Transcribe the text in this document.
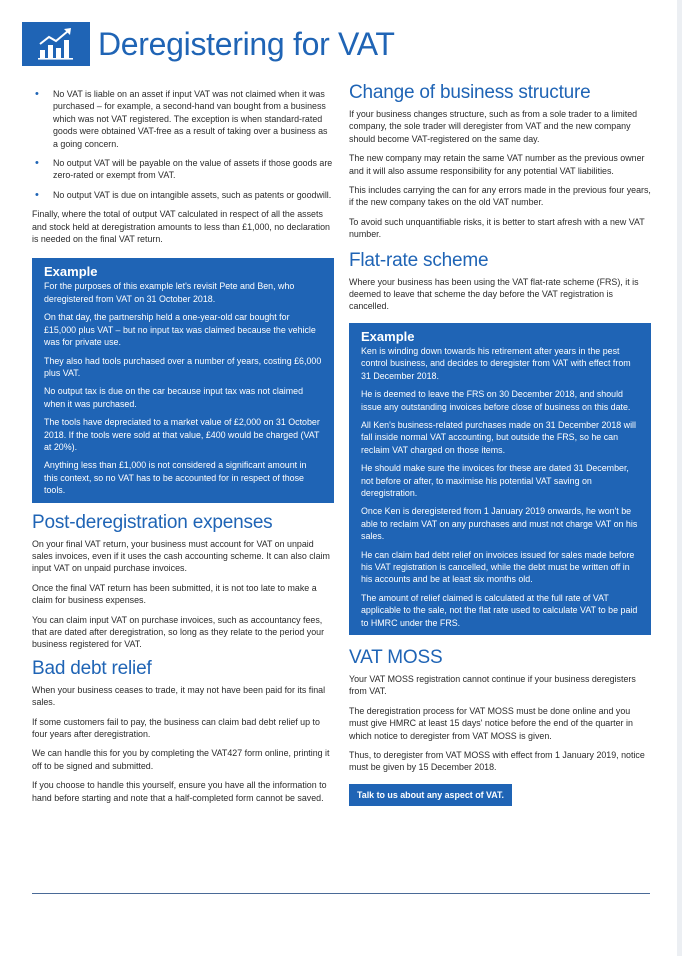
Deregistering for VAT
• No VAT is liable on an asset if input VAT was not claimed when it was purchased – for example, a second-hand van bought from a business which was not VAT registered. The exception is when standard-rated goods were obtained VAT-free as a result of taking over a business as a going concern.
• No output VAT will be payable on the value of assets if those goods are zero-rated or exempt from VAT.
• No output VAT is due on intangible assets, such as patents or goodwill.

Finally, where the total of output VAT calculated in respect of all the assets and stock held at deregistration amounts to less than £1,000, no declaration is needed on the final VAT return.

Example

For the purposes of this example let's revisit Pete and Ben, who deregistered from VAT on 31 October 2018.

On that day, the partnership held a one-year-old car bought for £15,000 plus VAT – but no input tax was claimed because the vehicle was for private use.

They also had tools purchased over a number of years, costing £6,000 plus VAT.

No output tax is due on the car because input tax was not claimed when it was purchased.

The tools have depreciated to a market value of £2,000 on 31 October 2018. If the tools were sold at that value, £400 would be charged (VAT at 20%).

Anything less than £1,000 is not considered a significant amount in this context, so no VAT has to be accounted for in respect of those tools.

Post-deregistration expenses

On your final VAT return, your business must account for VAT on unpaid sales invoices, even if it uses the cash accounting scheme. It can also claim input VAT on unpaid purchase invoices.

Once the final VAT return has been submitted, it is not too late to make a claim for business expenses.

You can claim input VAT on purchase invoices, such as accountancy fees, that are dated after deregistration, so long as they relate to the period your business registered for VAT.

Bad debt relief

When your business ceases to trade, it may not have been paid for its final sales.

If some customers fail to pay, the business can claim bad debt relief up to four years after deregistration.

We can handle this for you by completing the VAT427 form online, printing it off to be signed and submitted.

If you choose to handle this yourself, ensure you have all the information to hand before starting and note that a half-completed form cannot be saved.

Change of business structure

If your business changes structure, such as from a sole trader to a limited company, the sole trader will deregister from VAT and the new company should become VAT-registered on the same day.

The new company may retain the same VAT number as the previous owner and it will also assume responsibility for any potential VAT liabilities.

This includes carrying the can for any errors made in the previous four years, if the new company takes on the old VAT number.

To avoid such unquantifiable risks, it is better to start afresh with a new VAT number.

Flat-rate scheme

Where your business has been using the VAT flat-rate scheme (FRS), it is deemed to leave that scheme the day before the VAT registration is cancelled.

Example

Ken is winding down towards his retirement after years in the pest control business, and decides to deregister from VAT with effect from 31 December 2018.

He is deemed to leave the FRS on 30 December 2018, and should issue any outstanding invoices before close of business on this date.

All Ken's business-related purchases made on 31 December 2018 will fall inside normal VAT accounting, but outside the FRS, so he can reclaim VAT charged on those items.

He should make sure the invoices for these are dated 31 December, not before or after, to maximise his potential VAT saving on deregistration.

Once Ken is deregistered from 1 January 2019 onwards, he won't be able to reclaim VAT on any purchases and must not charge VAT on his sales.

He can claim bad debt relief on invoices issued for sales made before his VAT registration is cancelled, while the debt must be written off in his accounts and be at least six months old.

The amount of relief claimed is calculated at the full rate of VAT applicable to the sale, not the flat rate used to calculate VAT to be paid to HMRC under the FRS.

VAT MOSS

Your VAT MOSS registration cannot continue if your business deregisters from VAT.

The deregistration process for VAT MOSS must be done online and you must give HMRC at least 15 days' notice before the end of the quarter in which notice to deregister from VAT MOSS is given.

Thus, to deregister from VAT MOSS with effect from 1 January 2019, notice must be given by 15 December 2018.

Talk to us about any aspect of VAT.
